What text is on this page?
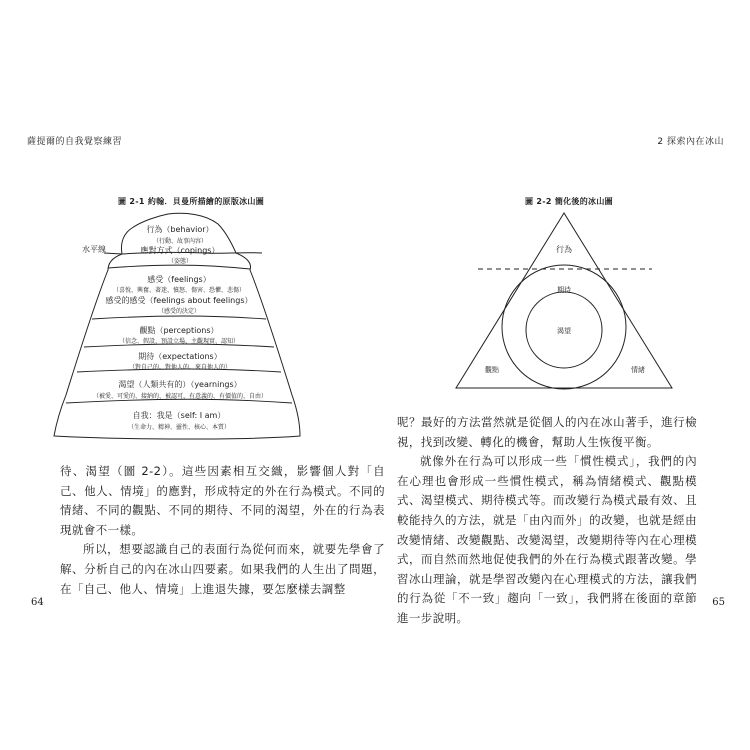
薩提爾的自我覺察練習	2 探索內在冰山
圖 2-1 約翰．貝曼所描繪的原版冰山圖	圖 2-2 簡化後的冰山圖
水平線
行為（behavior）
（行動、故事內容）
應對方式（copings）
（姿態）
感受（feelings）
（喜悅、興奮、著迷、憤怒、傷害、恐懼、悲傷）
感受的感受（feelings about feelings）
（感受的決定）
觀點（perceptions）
（信念、假設、預設立場、主觀現實、認知）
期待（expectations）
（對自己的、對他人的、來自他人的）
渴望（人類共有的）（yearnings）
（被愛、可愛的、接納的、被認可、有意義的、有價值的、自由）
自我：我是（self: I am）
（生命力、精神、靈性、核心、本質）
行為
期待
渴望
觀點	情緒

待、渴望（圖 2-2）。這些因素相互交織，影響個人對「自己、他人、情境」的應對，形成特定的外在行為模式。不同的情緒、不同的觀點、不同的期待、不同的渴望，外在的行為表現就會不一樣。

所以，想要認識自己的表面行為從何而來，就要先學會了解、分析自己的內在冰山四要素。如果我們的人生出了問題，在「自己、他人、情境」上進退失據，要怎麼樣去調整

呢？最好的方法當然就是從個人的內在冰山著手，進行檢視，找到改變、轉化的機會，幫助人生恢復平衡。

就像外在行為可以形成一些「慣性模式」，我們的內在心理也會形成一些慣性模式，稱為情緒模式、觀點模式、渴望模式、期待模式等。而改變行為模式最有效、且較能持久的方法，就是「由內而外」的改變，也就是經由改變情緒、改變觀點、改變渴望，改變期待等內在心理模式，而自然而然地促使我們的外在行為模式跟著改變。學習冰山理論，就是學習改變內在心理模式的方法，讓我們的行為從「不一致」趨向「一致」，我們將在後面的章節進一步說明。

64	65
